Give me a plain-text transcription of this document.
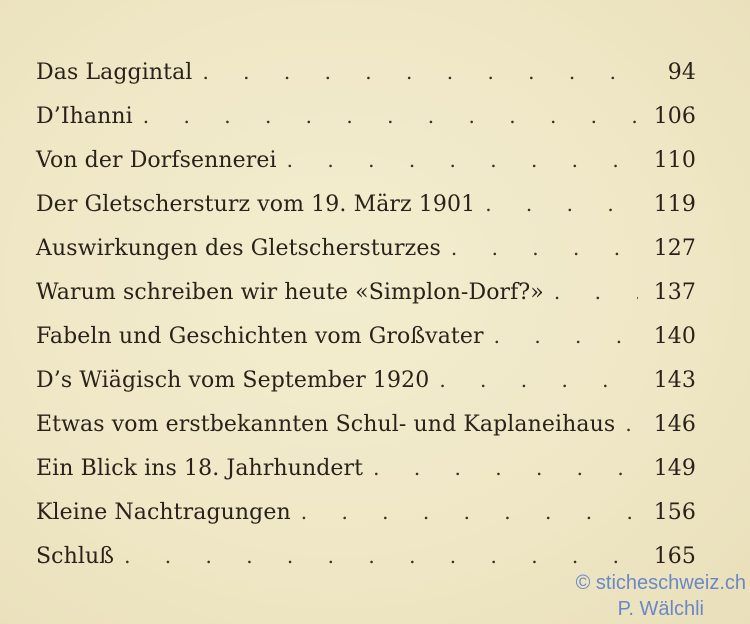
Das Laggintal . . .	94
D’Ihanni . . .	106
Von der Dorfsennerei . . .	110
Der Gletschersturz vom 19. März 1901 . . .	119
Auswirkungen des Gletschersturzes . . .	127
Warum schreiben wir heute «Simplon-Dorf?» . . .	137
Fabeln und Geschichten vom Großvater . . .	140
D’s Wiägisch vom September 1920 . . .	143
Etwas vom erstbekannten Schul- und Kaplaneihaus . . .	146
Ein Blick ins 18. Jahrhundert . . .	149
Kleine Nachtragungen . . .	156
Schluß . . .	165
© sticheschweiz.ch
P. Wälchli
